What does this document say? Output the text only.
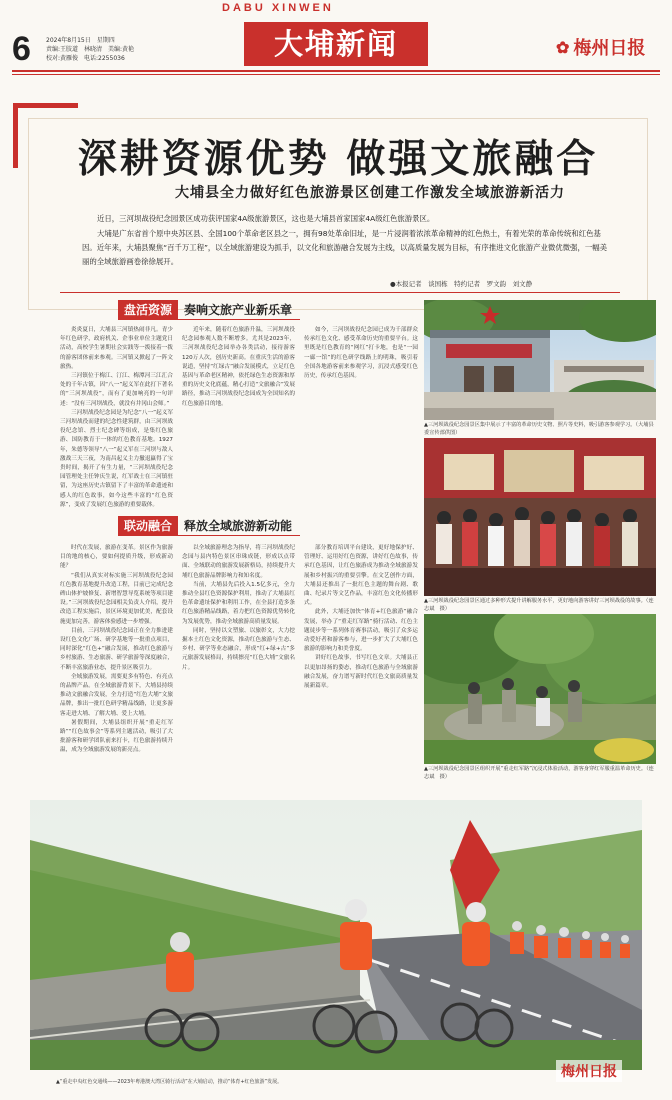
DABU XINWEN
大埔新闻
6	2024年8月15日　星期四
责编:王肢道　林晓清　美编:黄艳
校对:黄雁俊　电话:2255036
✿ 梅州日报
深耕资源优势 做强文旅融合
大埔县全力做好红色旅游景区创建工作激发全域旅游新活力

近日，三河坝战役纪念园景区成功获评国家4A级旅游景区，这也是大埔县首家国家4A级红色旅游景区。

大埔是广东省首个原中央苏区县、全国100个革命老区县之一，拥有98处革命旧址，是一片浸润着浓浓革命精神的红色热土，有着光荣的革命传统和红色基因。近年来，大埔县聚焦“百千万工程”，以全域旅游建设为抓手，以文化和旅游融合发展为主线，以高质量发展为目标，有序推进文化旅游产业微优微强，一幅美丽的全域旅游画卷徐徐展开。

●本报记者　谈国栋　特约记者　罗文韵　刘文静
盘活资源	奏响文旅产业新乐章

炎炎夏日，大埔县三河镇热闹非凡。青少年红色研学，政府机关、企事业单位主题党日活动，高校学生暑期社会实践等一拨接着一拨的游客团体前来参观。三河镇又掀起了一阵文旅热。

三河镇位于梅江、汀江、梅潭河三江汇合处的千年古镇，因“八一”起义军在此打下著名的“三河坝战役”，而有了更加响亮的一句评述：“没有三河坝战役，就没有井冈山会师。”

三河坝战役纪念园是为纪念“八一”起义军三河坝战役而建的纪念性建筑群，由三河坝战役纪念馆、烈士纪念碑等组成，是集红色旅游、国防教育于一体的红色教育基地。1927年，朱德等领导“八一”起义军在三河坝与敌人激战三天三夜，为南昌起义主力撤退赢得了宝贵时间，揭开了有生力量，“三河坝战役纪念园管理处主任钟庆生说，红军战士在三河镇驻留，为这座历史古镇留下了丰富的革命遗迹和感人的红色故事，如今这些丰富的“红色资源”，变成了发展红色旅游的重要载体。

近年来，随着红色旅游升温，三河坝战役纪念园参观人数不断增多。尤其是2023年，三河坝战役纪念园举办各类活动，接待游客120万人次，创历史新高。在重庆生活的游客说道，坚持“红绿古”融合发展模式，立足红色基因与革命老区精神，依托绿色生态资源和厚重的历史文化底蕴，精心打造“文旅融合”发展路径，推动三河坝战役纪念园成为全国知名的红色旅游目的地。

如今，三河坝战役纪念园已成为千部群众传承红色文化、感受革命历史的重要平台。这里既是红色教育的“网红”打卡地，也是“一园一廊一馆”的红色研学线路上的明珠，吸引着全国各地游客前来参观学习，沉浸式感受红色历史，传承红色基因。

联动融合	释放全域旅游新动能

时代在发展，旅游在变革。景区作为旅游目的地的核心，要如何提质升级，形成新动能？

“我们从真实对标实施三河坝战役纪念园红色教育基地提升改造工程，目前已完成纪念碑山体护坡修复、新增智慧导览系统等项目建设。”三河坝战役纪念园相关负责人介绍，提升改造工程实施后，景区环境更加优美，配套设施更加完善，游客体验感进一步增强。

目前，三河坝战役纪念园正在全力推进建设红色文化广场、研学基地等一批重点项目，同时深化“红色+”融合发展，推动红色旅游与乡村旅游、生态旅游、研学旅游等深度融合，不断丰富旅游业态，提升景区吸引力。

全域旅游发展，需要更多有特色、有亮点的品牌产品。在全域旅游背景下，大埔县持续推动文旅融合发展，全力打造“红色大埔”文旅品牌，推出一批红色研学精品线路，让更多游客走进大埔、了解大埔、爱上大埔。

暑假期间，大埔县组织开展“重走红军路”“红色故事会”等系列主题活动，吸引了大批游客和研学团队前来打卡，红色旅游持续升温，成为全域旅游发展的新亮点。

以全域旅游理念为指导，将三河坝战役纪念园与县内特色景区串珠成链，形成以点带面、全域联动的旅游发展新格局，持续提升大埔红色旅游品牌影响力和知名度。

当前，大埔县先后投入1.5亿多元，全力推动全县红色资源保护利用，推动了大埔县红色革命遗址保护和利用工作，在全县打造多条红色旅游精品线路，着力把红色资源优势转化为发展优势，推动全域旅游高质量发展。

同时，坚持以文塑旅、以旅彰文，大力挖掘本土红色文化资源，推动红色旅游与生态、乡村、研学等业态融合，形成“红+绿+古”多元旅游发展格局，持续擦亮“红色大埔”文旅名片。

部分教育培训平台建设，更好地保护好、管理好、运用好红色资源，讲好红色故事，传承红色基因，让红色旅游成为推动全域旅游发展和乡村振兴的重要引擎。在文艺创作方面，大埔县还推出了一批红色主题的舞台剧、歌曲、纪录片等文艺作品，丰富红色文化传播形式。

此外，大埔还加快“体育+红色旅游”融合发展，举办了“重走红军路”骑行活动、红色主题徒步等一系列体育赛事活动，吸引了众多运动爱好者和游客参与，进一步扩大了大埔红色旅游的影响力和美誉度。

讲好红色故事，书写红色文章。大埔县正以更加昂扬的姿态，推动红色旅游与全域旅游融合发展，奋力谱写新时代红色文旅高质量发展新篇章。

▲三河坝战役纪念园景区集中展示了丰富的革命历史文物、照片等史料，吸引游客参观学习。（大埔县委宣传部供图）
▲三河坝战役纪念园景区通过多种形式提升讲解服务水平，更好地向游客讲好三河坝战役的故事。（连志斌　摄）
▲三河坝战役纪念园景区组织开展“重走红军路”沉浸式体验活动，游客身穿红军服重温革命历史。（连志斌　摄）
▲“重走中央红色交通线——2023年粤港澳大湾区骑行活动”在大埔启动，推动“体育+红色旅游”发展。
梅州日报
